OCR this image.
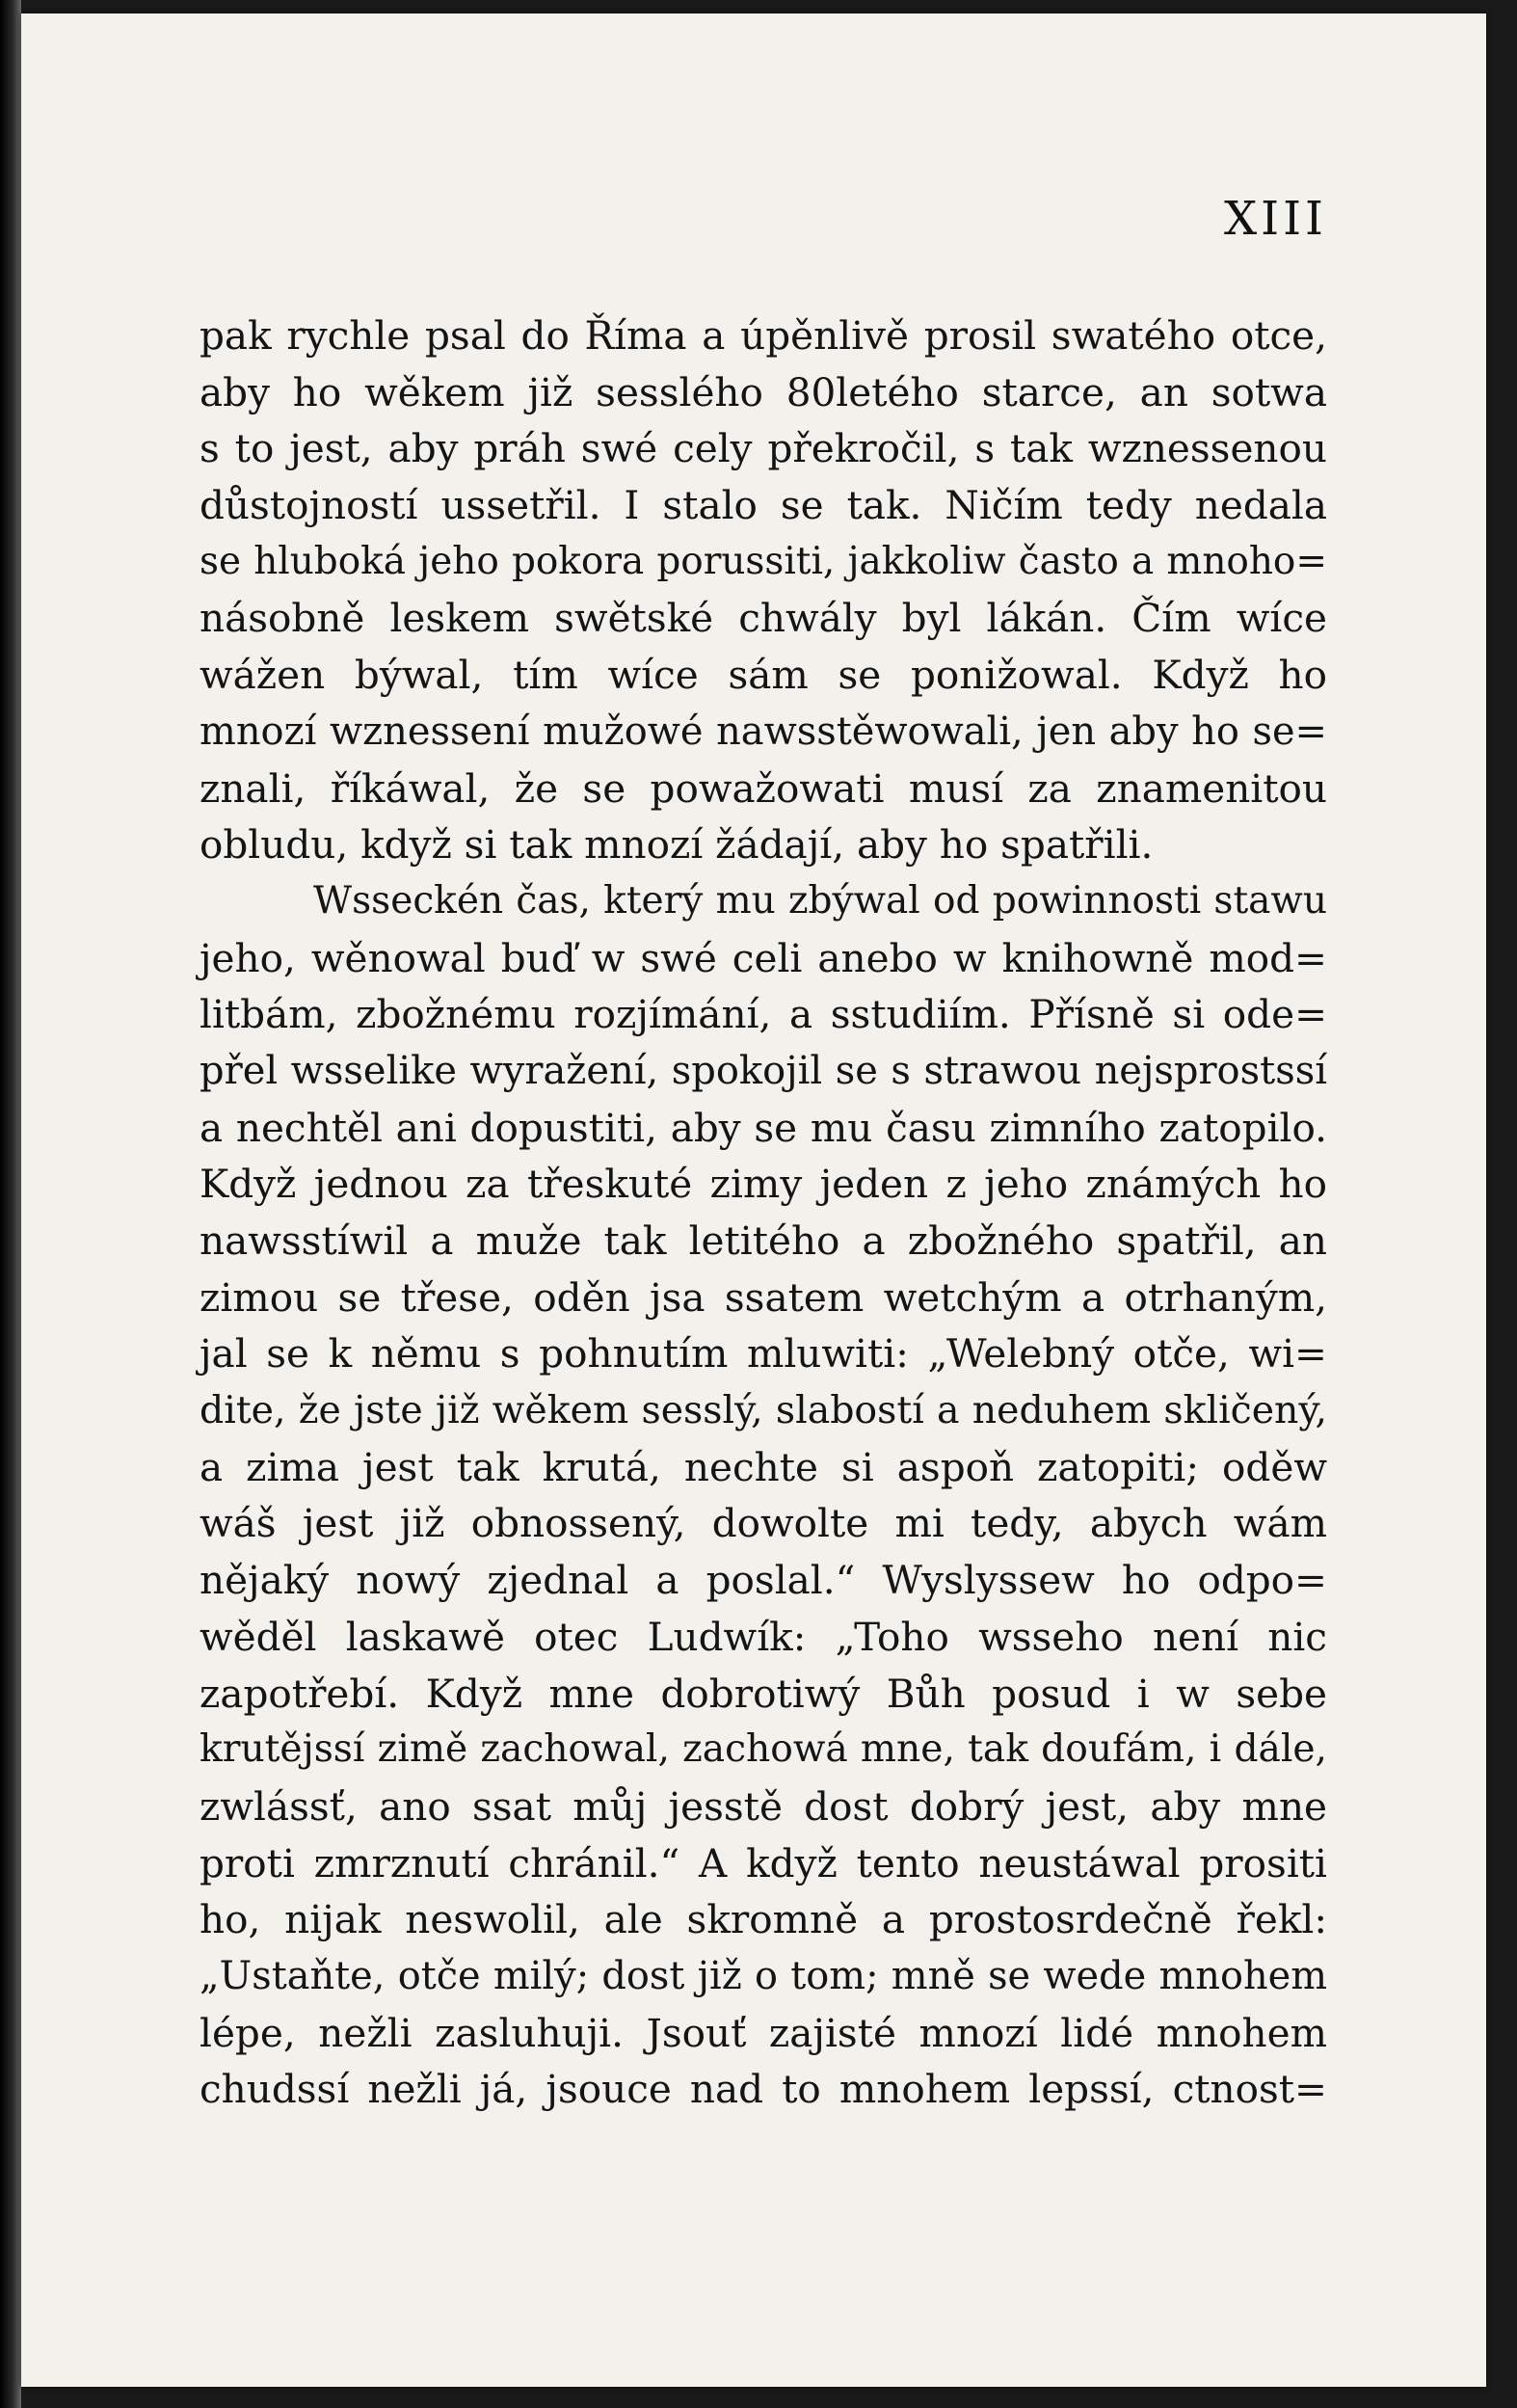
XIII
pak rychle psal do Říma a úpěnlivě prosil swatého otce,
aby ho wěkem již sesslého 80letého starce, an sotwa
s to jest, aby práh swé cely překročil, s tak wznessenou
důstojností ussetřil. I stalo se tak. Ničím tedy nedala
se hluboká jeho pokora porussiti, jakkoliw často a mnoho=
násobně leskem swětské chwály byl lákán. Čím wíce
wážen býwal, tím wíce sám se ponižowal. Když ho
mnozí wznessení mužowé nawsstěwowali, jen aby ho se=
znali, říkáwal, že se powažowati musí za znamenitou
obludu, když si tak mnozí žádají, aby ho spatřili.
Wsseckén čas, který mu zbýwal od powinnosti stawu
jeho, wěnowal buď w swé celi anebo w knihowně mod=
litbám, zbožnému rozjímání, a sstudiím. Přísně si ode=
přel wsselike wyražení, spokojil se s strawou nejsprostssí
a nechtěl ani dopustiti, aby se mu času zimního zatopilo.
Když jednou za třeskuté zimy jeden z jeho známých ho
nawsstíwil a muže tak letitého a zbožného spatřil, an
zimou se třese, oděn jsa ssatem wetchým a otrhaným,
jal se k němu s pohnutím mluwiti: „Welebný otče, wi=
dite, že jste již wěkem sesslý, slabostí a neduhem skličený,
a zima jest tak krutá, nechte si aspoň zatopiti; oděw
wáš jest již obnossený, dowolte mi tedy, abych wám
nějaký nowý zjednal a poslal.“ Wyslyssew ho odpo=
wěděl laskawě otec Ludwík: „Toho wsseho není nic
zapotřebí. Když mne dobrotiwý Bůh posud i w sebe
krutějssí zimě zachowal, zachowá mne, tak doufám, i dále,
zwlássť, ano ssat můj jesstě dost dobrý jest, aby mne
proti zmrznutí chránil.“ A když tento neustáwal prositi
ho, nijak neswolil, ale skromně a prostosrdečně řekl:
„Ustaňte, otče milý; dost již o tom; mně se wede mnohem
lépe, nežli zasluhuji. Jsouť zajisté mnozí lidé mnohem
chudssí nežli já, jsouce nad to mnohem lepssí, ctnost=
